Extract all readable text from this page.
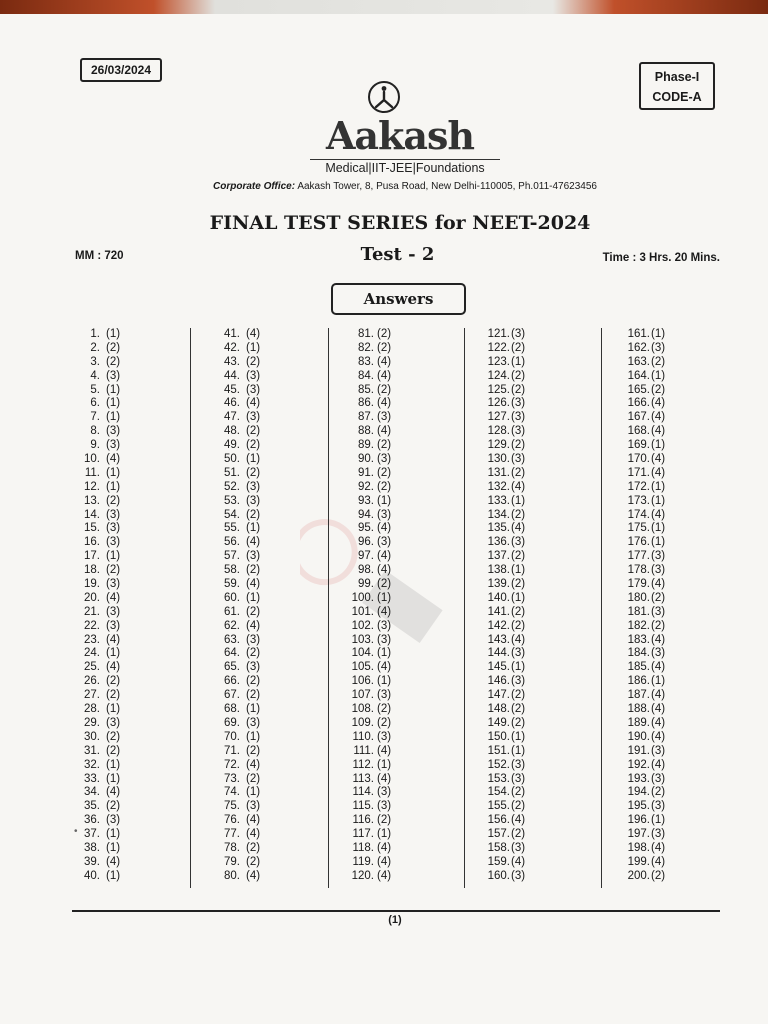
26/03/2024	Phase-I
CODE-A
Aakash
Medical|IIT-JEE|Foundations
Corporate Office: Aakash Tower, 8, Pusa Road, New Delhi-110005, Ph.011-47623456
FINAL TEST SERIES for NEET-2024
MM : 720	Test - 2	Time : 3 Hrs. 20 Mins.
Answers
1. (1)
2. (2)
3. (2)
4. (3)
5. (1)
6. (1)
7. (1)
8. (3)
9. (3)
10. (4)
11. (1)
12. (1)
13. (2)
14. (3)
15. (3)
16. (3)
17. (1)
18. (2)
19. (3)
20. (4)
21. (3)
22. (3)
23. (4)
24. (1)
25. (4)
26. (2)
27. (2)
28. (1)
29. (3)
30. (2)
31. (2)
32. (1)
33. (1)
34. (4)
35. (2)
36. (3)
37. (1)
38. (1)
39. (4)
40. (1)
41. (4)
42. (1)
43. (2)
44. (3)
45. (3)
46. (4)
47. (3)
48. (2)
49. (2)
50. (1)
51. (2)
52. (3)
53. (3)
54. (2)
55. (1)
56. (4)
57. (3)
58. (2)
59. (4)
60. (1)
61. (2)
62. (4)
63. (3)
64. (2)
65. (3)
66. (2)
67. (2)
68. (1)
69. (3)
70. (1)
71. (2)
72. (4)
73. (2)
74. (1)
75. (3)
76. (4)
77. (4)
78. (2)
79. (2)
80. (4)
81. (2)
82. (2)
83. (4)
84. (4)
85. (2)
86. (4)
87. (3)
88. (4)
89. (2)
90. (3)
91. (2)
92. (2)
93. (1)
94. (3)
95. (4)
96. (3)
97. (4)
98. (4)
99. (2)
100. (1)
101. (4)
102. (3)
103. (3)
104. (1)
105. (4)
106. (1)
107. (3)
108. (2)
109. (2)
110. (3)
111. (4)
112. (1)
113. (4)
114. (3)
115. (3)
116. (2)
117. (1)
118. (4)
119. (4)
120. (4)
121.(3)
122.(2)
123.(1)
124.(2)
125.(2)
126.(3)
127.(3)
128.(3)
129.(2)
130.(3)
131.(2)
132.(4)
133.(1)
134.(2)
135.(4)
136.(3)
137.(2)
138.(1)
139.(2)
140.(1)
141.(2)
142.(2)
143.(4)
144.(3)
145.(1)
146.(3)
147.(2)
148.(2)
149.(2)
150.(1)
151.(1)
152.(3)
153.(3)
154.(2)
155.(2)
156.(4)
157.(2)
158.(3)
159.(4)
160.(3)
161.(1)
162.(3)
163.(2)
164.(1)
165.(2)
166.(4)
167.(4)
168.(4)
169.(1)
170.(4)
171.(4)
172.(1)
173.(1)
174.(4)
175.(1)
176.(1)
177.(3)
178.(3)
179.(4)
180.(2)
181.(3)
182.(2)
183.(4)
184.(3)
185.(4)
186.(1)
187.(4)
188.(4)
189.(4)
190.(4)
191.(3)
192.(4)
193.(3)
194.(2)
195.(3)
196.(1)
197.(3)
198.(4)
199.(4)
200.(2)
•
(1)
